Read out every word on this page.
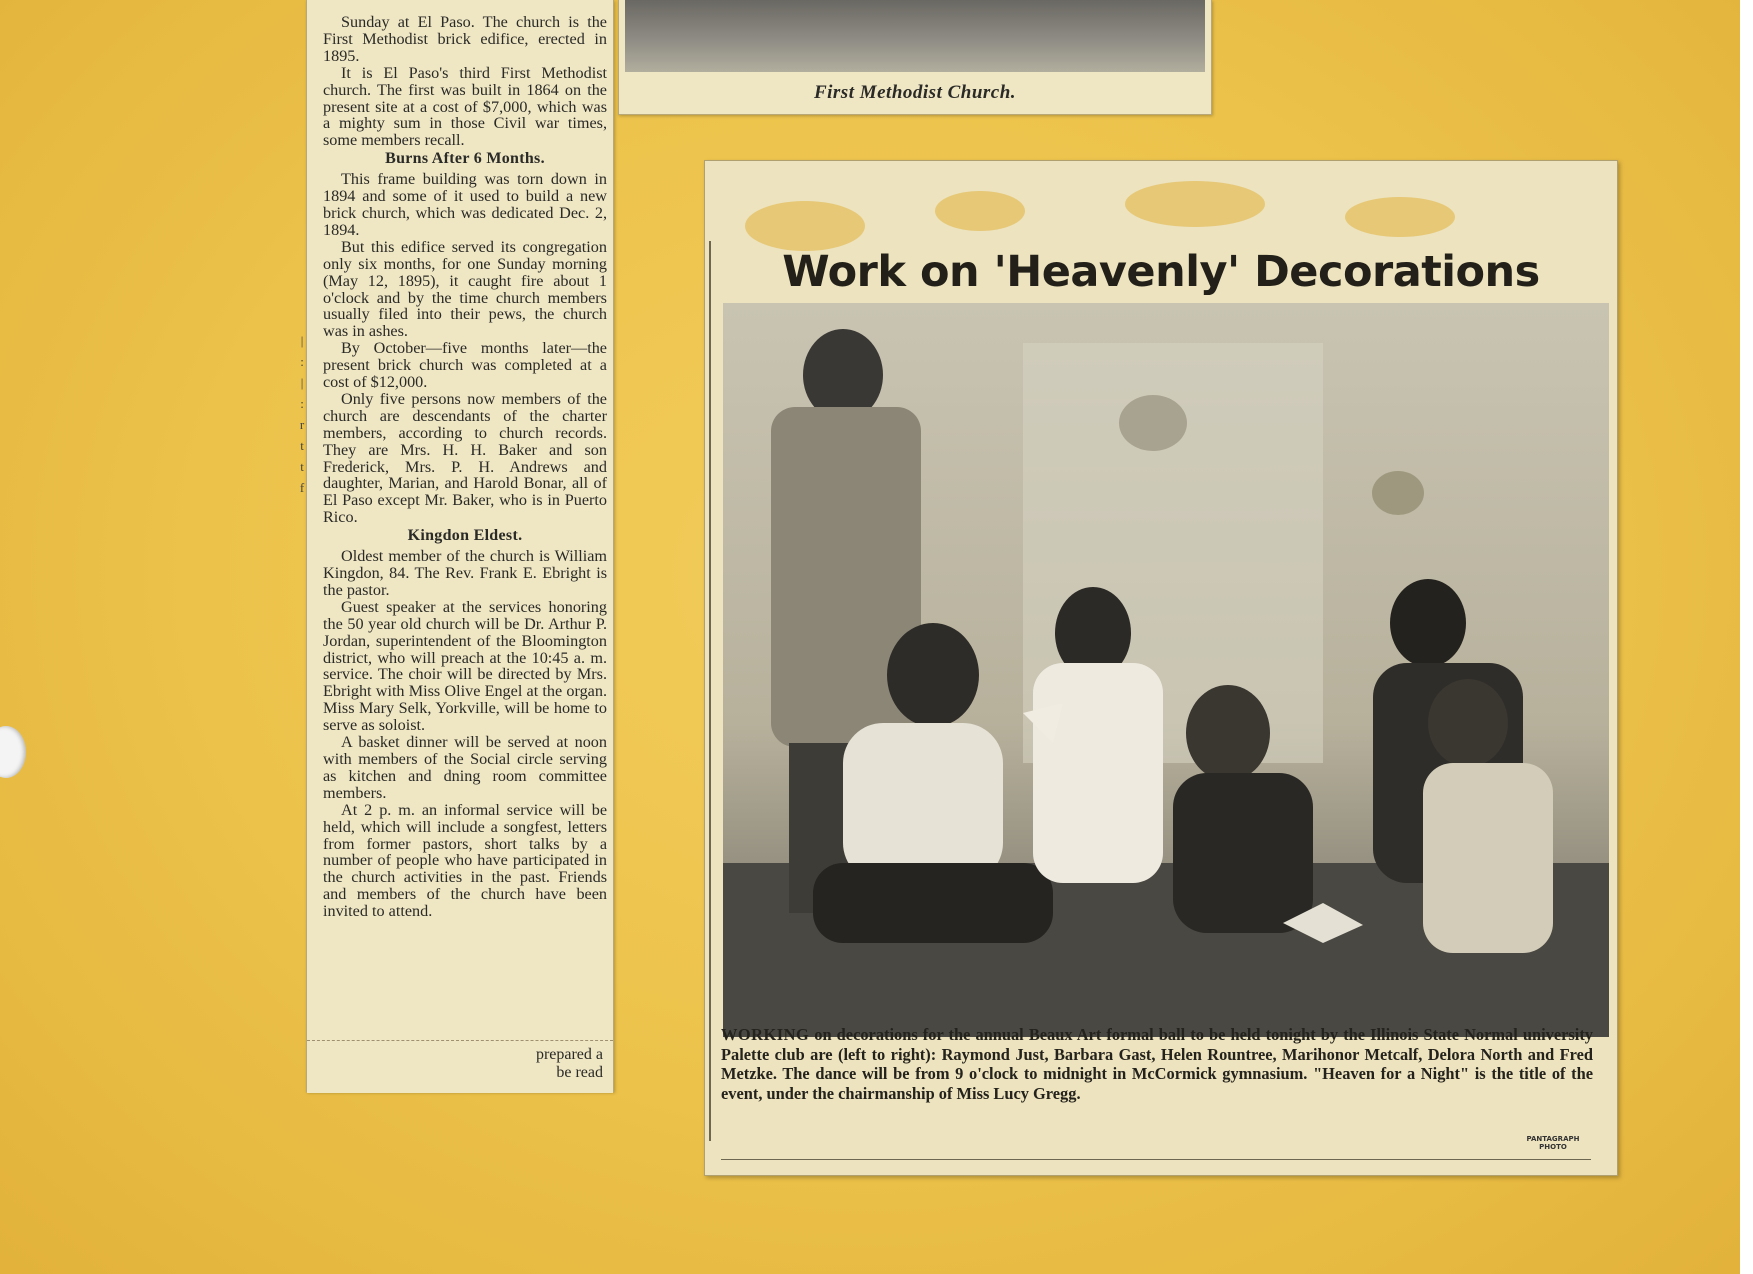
Sunday at El Paso. The church is the First Methodist brick edifice, erected in 1895.

It is El Paso's third First Methodist church. The first was built in 1864 on the present site at a cost of $7,000, which was a mighty sum in those Civil war times, some members recall.

Burns After 6 Months.

This frame building was torn down in 1894 and some of it used to build a new brick church, which was dedicated Dec. 2, 1894.

But this edifice served its congregation only six months, for one Sunday morning (May 12, 1895), it caught fire about 1 o'clock and by the time church members usually filed into their pews, the church was in ashes.

By October—five months later—the present brick church was completed at a cost of $12,000.

Only five persons now members of the church are descendants of the charter members, according to church records. They are Mrs. H. H. Baker and son Frederick, Mrs. P. H. Andrews and daughter, Marian, and Harold Bonar, all of El Paso except Mr. Baker, who is in Puerto Rico.

Kingdon Eldest.

Oldest member of the church is William Kingdon, 84. The Rev. Frank E. Ebright is the pastor.

Guest speaker at the services honoring the 50 year old church will be Dr. Arthur P. Jordan, superintendent of the Bloomington district, who will preach at the 10:45 a. m. service. The choir will be directed by Mrs. Ebright with Miss Olive Engel at the organ. Miss Mary Selk, Yorkville, will be home to serve as soloist.

A basket dinner will be served at noon with members of the Social circle serving as kitchen and dning room committee members.

At 2 p. m. an informal service will be held, which will include a songfest, letters from former pastors, short talks by a number of people who have participated in the church activities in the past. Friends and members of the church have been invited to attend.

prepared a
be read
|
:
|
:
r
t
t
f
First Methodist Church.
Work on 'Heavenly' Decorations
WORKING on decorations for the annual Beaux Art formal ball to be held tonight by the Illinois State Normal university Palette club are (left to right): Raymond Just, Barbara Gast, Helen Rountree, Marihonor Metcalf, Delora North and Fred Metzke. The dance will be from 9 o'clock to midnight in McCormick gymnasium. "Heaven for a Night" is the title of the event, under the chairmanship of Miss Lucy Gregg.
PANTAGRAPH
PHOTO
